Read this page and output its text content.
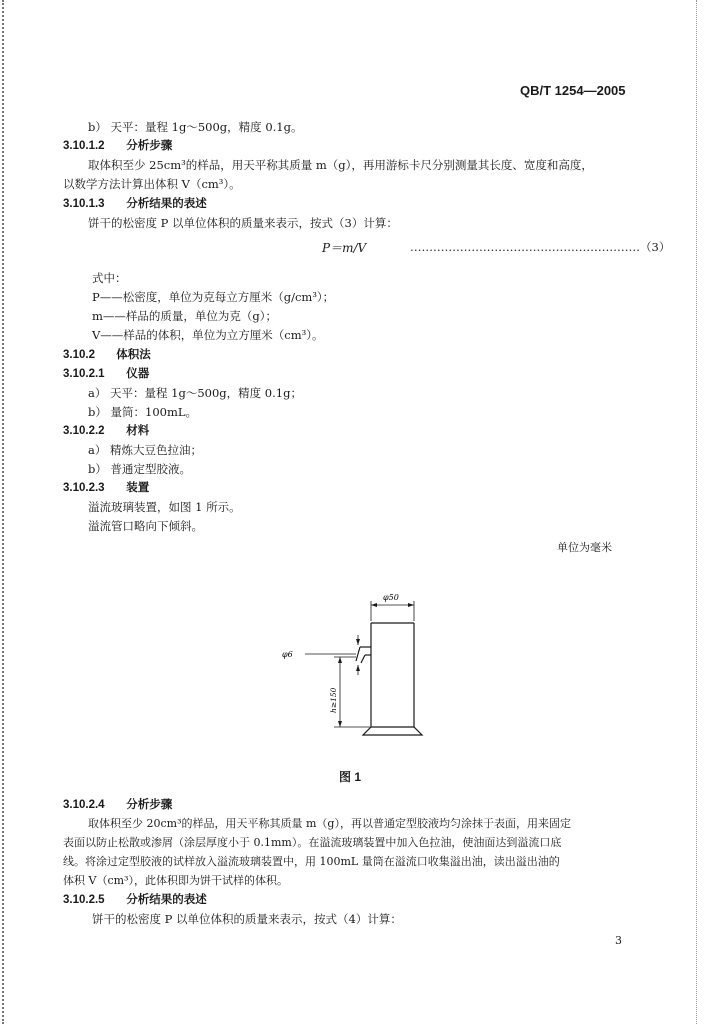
QB/T 1254—2005
b） 天平：量程 1g～500g，精度 0.1g。
3.10.1.2 分析步骤
取体积至少 25cm³的样品，用天平称其质量 m（g），再用游标卡尺分别测量其长度、宽度和高度，
以数学方法计算出体积 V（cm³）。
3.10.1.3 分析结果的表述
饼干的松密度 P 以单位体积的质量来表示，按式（3）计算：
P＝m/V	……………………………………………………（3）
式中：
P——松密度，单位为克每立方厘米（g/cm³）；
m——样品的质量，单位为克（g）；
V——样品的体积，单位为立方厘米（cm³）。
3.10.2 体积法
3.10.2.1 仪器
a） 天平：量程 1g～500g，精度 0.1g；
b） 量筒：100mL。
3.10.2.2 材料
a） 精炼大豆色拉油；
b） 普通定型胶液。
3.10.2.3 装置
溢流玻璃装置，如图 1 所示。
溢流管口略向下倾斜。
单位为毫米
φ50
φ6
h≥150
图 1
3.10.2.4 分析步骤
取体积至少 20cm³的样品，用天平称其质量 m（g），再以普通定型胶液均匀涂抹于表面，用来固定
表面以防止松散或渗屑（涂层厚度小于 0.1mm）。在溢流玻璃装置中加入色拉油，使油面达到溢流口底
线。将涂过定型胶液的试样放入溢流玻璃装置中，用 100mL 量筒在溢流口收集溢出油，读出溢出油的
体积 V（cm³），此体积即为饼干试样的体积。
3.10.2.5 分析结果的表述
饼干的松密度 P 以单位体积的质量来表示，按式（4）计算：
3
